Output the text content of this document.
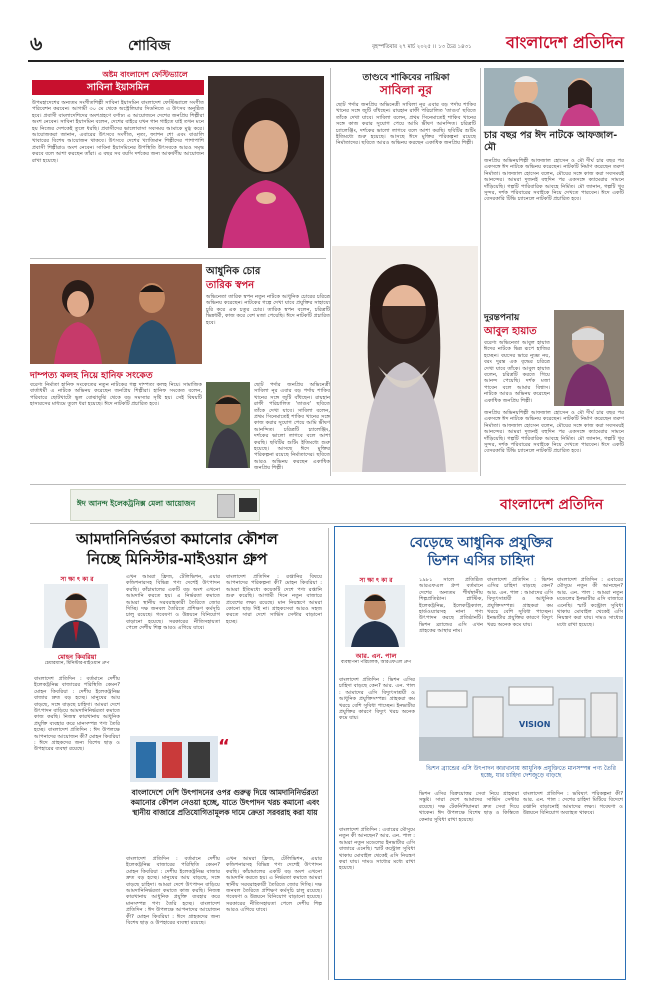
৬	শোবিজ	বৃহস্পতিবার ২৭ মার্চ ২০২৫ ।। ১৩ চৈত্র ১৪৩১ বাংলাদেশ প্রতিদিন
অষ্টম বাংলাদেশ ফেস্টিভ্যালে
সাবিনা ইয়াসমিন
উপমহাদেশের অন্যতম সংগীতশিল্পী সাবিনা ইয়াসমিন বাংলাদেশ ফেস্টিভ্যালে সংগীত পরিবেশন করবেন। আগামী ৩০ মে থেকে অস্ট্রেলিয়ার সিডনিতে এ উৎসব অনুষ্ঠিত হবে। প্রবাসী বাংলাদেশিদের অংশগ্রহণে বর্ণাঢ্য এ আয়োজনে দেশের জনপ্রিয় শিল্পীরা অংশ নেবেন। সাবিনা ইয়াসমিন বলেন, দেশের বাইরে যখন গান গাইতে যাই তখন মনে হয় নিজের দেশকেই তুলে ধরছি। প্রবাসীদের ভালোবাসা সবসময় আমাকে মুগ্ধ করে। আয়োজকরা জানান, এবারের উৎসবে সংগীত, নৃত্য, ফ্যাশন শো এবং বাঙালি খাবারের বিশেষ আয়োজন থাকবে। উৎসবে দেশের খ্যাতিমান শিল্পীদের পাশাপাশি প্রবাসী শিল্পীরাও অংশ নেবেন। সাবিনা ইয়াসমিনের উপস্থিতি উৎসবকে আরও সমৃদ্ধ করবে বলে আশা করছেন তাঁরা। এ বছর সব বয়সি দর্শকের জন্য আকর্ষণীয় আয়োজন রাখা হয়েছে।
তাণ্ডবে শাকিবের নায়িকা
সাবিলা নূর
ছোট পর্দার জনপ্রিয় অভিনেত্রী সাবিলা নূর এবার বড় পর্দায় শাকিব খানের সঙ্গে জুটি বাঁধছেন। রায়হান রাফী পরিচালিত 'তাণ্ডব' ছবিতে তাঁকে দেখা যাবে। সাবিলা বলেন, প্রথম সিনেমাতেই শাকিব খানের সঙ্গে কাজ করার সুযোগ পেয়ে আমি ভীষণ আনন্দিত। চরিত্রটি চ্যালেঞ্জিং, দর্শকের ভালো লাগবে বলে আশা করছি। ছবিটির শুটিং ইতিমধ্যে শুরু হয়েছে। আসছে ঈদে মুক্তির পরিকল্পনা রয়েছে নির্মাতাদের। ছবিতে আরও অভিনয় করছেন একাধিক জনপ্রিয় শিল্পী।
চার বছর পর ঈদ নাটকে আফজাল-মৌ
জনপ্রিয় অভিনয়শিল্পী আফজাল হোসেন ও মৌ দীর্ঘ চার বছর পর একসঙ্গে ঈদ নাটকে অভিনয় করেছেন। নাটকটি নির্মাণ করেছেন তরুণ নির্মাতা। আফজাল হোসেন বলেন, মৌয়ের সঙ্গে কাজ করা সবসময়ই আনন্দের। আমরা দুজনই বহুদিন পর একসঙ্গে ক্যামেরার সামনে দাঁড়িয়েছি। গল্পটি পারিবারিক আবহে নির্মিত। মৌ জানান, গল্পটি খুব সুন্দর, দর্শক পরিবারের সবাইকে নিয়ে দেখতে পারবেন। ঈদে একটি বেসরকারি টিভি চ্যানেলে নাটকটি প্রচারিত হবে।
আধুনিক চোর
তারিক স্বপন
অভিনেতা তারিক স্বপন নতুন নাটকে আধুনিক চোরের চরিত্রে অভিনয় করেছেন। নাটকের গল্পে দেখা যাবে প্রযুক্তির সাহায্যে চুরি করে এক চতুর চোর। তারিক স্বপন বলেন, চরিত্রটি ভিন্নধর্মী, কাজ করে বেশ মজা পেয়েছি। ঈদে নাটকটি প্রচারিত হবে।
ছোট পর্দার জনপ্রিয় অভিনেত্রী সাবিলা নূর এবার বড় পর্দায় শাকিব খানের সঙ্গে জুটি বাঁধছেন। রায়হান রাফী পরিচালিত 'তাণ্ডব' ছবিতে তাঁকে দেখা যাবে। সাবিলা বলেন, প্রথম সিনেমাতেই শাকিব খানের সঙ্গে কাজ করার সুযোগ পেয়ে আমি ভীষণ আনন্দিত। চরিত্রটি চ্যালেঞ্জিং, দর্শকের ভালো লাগবে বলে আশা করছি। ছবিটির শুটিং ইতিমধ্যে শুরু হয়েছে। আসছে ঈদে মুক্তির পরিকল্পনা রয়েছে নির্মাতাদের। ছবিতে আরও অভিনয় করছেন একাধিক জনপ্রিয় শিল্পী।
দাম্পত্য কলহ নিয়ে হানিফ সংকেত
বরেণ্য নির্মাতা হানিফ সংকেতের নতুন নাটকের গল্প দাম্পত্য কলহ নিয়ে। সামাজিক বার্তাধর্মী এ নাটকে অভিনয় করেছেন জনপ্রিয় শিল্পীরা। হানিফ সংকেত বলেন, পরিবারে ছোটখাটো ভুল বোঝাবুঝি থেকে বড় সমস্যার সৃষ্টি হয়। সেই বিষয়টি হাস্যরসের মাধ্যমে তুলে ধরা হয়েছে। ঈদে নাটকটি প্রচারিত হবে।
দুরন্তপনায়
আবুল হায়াত
বরেণ্য অভিনেতা আবুল হায়াত ঈদের নাটকে ভিন্ন রূপে হাজির হচ্ছেন। বয়সের ভারে ন্যুব্জ নয়, বরং দুরন্ত এক বৃদ্ধের চরিত্রে দেখা যাবে তাঁকে। আবুল হায়াত বলেন, চরিত্রটি করতে গিয়ে আনন্দ পেয়েছি। দর্শক মজা পাবেন বলে আমার বিশ্বাস। নাটকে আরও অভিনয় করেছেন একাধিক জনপ্রিয় শিল্পী।
জনপ্রিয় অভিনয়শিল্পী আফজাল হোসেন ও মৌ দীর্ঘ চার বছর পর একসঙ্গে ঈদ নাটকে অভিনয় করেছেন। নাটকটি নির্মাণ করেছেন তরুণ নির্মাতা। আফজাল হোসেন বলেন, মৌয়ের সঙ্গে কাজ করা সবসময়ই আনন্দের। আমরা দুজনই বহুদিন পর একসঙ্গে ক্যামেরার সামনে দাঁড়িয়েছি। গল্পটি পারিবারিক আবহে নির্মিত। মৌ জানান, গল্পটি খুব সুন্দর, দর্শক পরিবারের সবাইকে নিয়ে দেখতে পারবেন। ঈদে একটি বেসরকারি টিভি চ্যানেলে নাটকটি প্রচারিত হবে।
ঈদ আনন্দ ইলেকট্রনিক্স মেলা আয়োজন	বাংলাদেশ প্রতিদিন
আমদানিনির্ভরতা কমানোর কৌশল
নিচ্ছে মিনিস্টার-মাইওয়ান গ্রুপ
সা ক্ষা ৎ কা র
মোহন কিবরিয়া
চেয়ারম্যান, মিনিস্টার-মাইওয়ান গ্রুপ
বাংলাদেশ প্রতিদিন : বর্তমানে দেশীয় ইলেকট্রনিক্স বাজারের পরিস্থিতি কেমন? মোহন কিবরিয়া : দেশীয় ইলেকট্রনিক্স বাজার দ্রুত বড় হচ্ছে। মানুষের আয় বাড়ছে, সঙ্গে বাড়ছে চাহিদা। আমরা দেশে উৎপাদন বাড়িয়ে আমদানিনির্ভরতা কমাতে কাজ করছি। নিজস্ব কারখানায় আধুনিক প্রযুক্তি ব্যবহার করে মানসম্পন্ন পণ্য তৈরি হচ্ছে। বাংলাদেশ প্রতিদিন : ঈদ উপলক্ষে আপনাদের আয়োজন কী? মোহন কিবরিয়া : ঈদে গ্রাহকদের জন্য বিশেষ ছাড় ও উপহারের ব্যবস্থা রয়েছে।
এখন আমরা ফ্রিজ, টেলিভিশন, এয়ার কন্ডিশনারসহ বিভিন্ন পণ্য দেশেই উৎপাদন করছি। কাঁচামালের একটি বড় অংশ এখনো আমদানি করতে হয়। এ নির্ভরতা কমাতে আমরা স্থানীয় সরবরাহকারী তৈরিতে জোর দিচ্ছি। দক্ষ জনবল তৈরিতে প্রশিক্ষণ কর্মসূচি চালু রয়েছে। গবেষণা ও উন্নয়নে বিনিয়োগ বাড়ানো হয়েছে। সরকারের নীতিসহায়তা পেলে দেশীয় শিল্প আরও এগিয়ে যাবে।
বাংলাদেশ প্রতিদিন : রপ্তানির বিষয়ে আপনাদের পরিকল্পনা কী? মোহন কিবরিয়া : আমরা ইতিমধ্যে কয়েকটি দেশে পণ্য রপ্তানি শুরু করেছি। আগামী দিনে নতুন বাজারে প্রবেশের লক্ষ্য রয়েছে। মান নিয়ন্ত্রণে আমরা কোনো ছাড় দিই না। গ্রাহকসেবা আরও সহজ করতে সারা দেশে সার্ভিস সেন্টার বাড়ানো হচ্ছে।
“
বাংলাদেশে দেশি উৎপাদনের ওপর গুরুত্ব দিয়ে আমদানিনির্ভরতা কমানোর কৌশল নেওয়া হচ্ছে, যাতে উৎপাদন খরচ কমানো এবং স্থানীয় বাজারে প্রতিযোগিতামূলক দামে ক্রেতা সরবরাহ করা যায়
বাংলাদেশ প্রতিদিন : বর্তমানে দেশীয় ইলেকট্রনিক্স বাজারের পরিস্থিতি কেমন? মোহন কিবরিয়া : দেশীয় ইলেকট্রনিক্স বাজার দ্রুত বড় হচ্ছে। মানুষের আয় বাড়ছে, সঙ্গে বাড়ছে চাহিদা। আমরা দেশে উৎপাদন বাড়িয়ে আমদানিনির্ভরতা কমাতে কাজ করছি। নিজস্ব কারখানায় আধুনিক প্রযুক্তি ব্যবহার করে মানসম্পন্ন পণ্য তৈরি হচ্ছে। বাংলাদেশ প্রতিদিন : ঈদ উপলক্ষে আপনাদের আয়োজন কী? মোহন কিবরিয়া : ঈদে গ্রাহকদের জন্য বিশেষ ছাড় ও উপহারের ব্যবস্থা রয়েছে।
এখন আমরা ফ্রিজ, টেলিভিশন, এয়ার কন্ডিশনারসহ বিভিন্ন পণ্য দেশেই উৎপাদন করছি। কাঁচামালের একটি বড় অংশ এখনো আমদানি করতে হয়। এ নির্ভরতা কমাতে আমরা স্থানীয় সরবরাহকারী তৈরিতে জোর দিচ্ছি। দক্ষ জনবল তৈরিতে প্রশিক্ষণ কর্মসূচি চালু রয়েছে। গবেষণা ও উন্নয়নে বিনিয়োগ বাড়ানো হয়েছে। সরকারের নীতিসহায়তা পেলে দেশীয় শিল্প আরও এগিয়ে যাবে।
বেড়েছে আধুনিক প্রযুক্তির
ভিশন এসির চাহিদা
সা ক্ষা ৎ কা র
আর. এন. পাল
ব্যবস্থাপনা পরিচালক, আরএফএল গ্রুপ
১৯৮১ সালে প্রতিষ্ঠিত আরএফএল গ্রুপ বর্তমানে দেশের অন্যতম শীর্ষস্থানীয় শিল্পপ্রতিষ্ঠান। প্লাস্টিক, ইলেকট্রনিক্স, ইলেকট্রিক্যাল, হার্ডওয়্যারসহ নানা পণ্য উৎপাদন করছে প্রতিষ্ঠানটি। ভিশন ব্র্যান্ডের এসি এখন গ্রাহকের আস্থার নাম।
বাংলাদেশ প্রতিদিন : ভিশন এসির চাহিদা বাড়ছে কেন? আর. এন. পাল : আমাদের এসি বিদ্যুৎসাশ্রয়ী ও আধুনিক প্রযুক্তিসম্পন্ন। গ্রাহকরা কম খরচে বেশি সুবিধা পাচ্ছেন। ইনভার্টার প্রযুক্তির কারণে বিদ্যুৎ খরচ অনেক কমে যায়।
বাংলাদেশ প্রতিদিন : এবারের মৌসুমে নতুন কী আনছেন? আর. এন. পাল : আমরা নতুন মডেলের ইনভার্টার এসি বাজারে এনেছি। স্মার্ট কন্ট্রোল সুবিধা থাকায় মোবাইল থেকেই এসি নিয়ন্ত্রণ করা যায়। দামও সাধ্যের মধ্যে রাখা হয়েছে।
VISION
বাংলাদেশ প্রতিদিন : ভিশন এসির চাহিদা বাড়ছে কেন? আর. এন. পাল : আমাদের এসি বিদ্যুৎসাশ্রয়ী ও আধুনিক প্রযুক্তিসম্পন্ন। গ্রাহকরা কম খরচে বেশি সুবিধা পাচ্ছেন। ইনভার্টার প্রযুক্তির কারণে বিদ্যুৎ খরচ অনেক কমে যায়।
ভিশন ব্র্যান্ডের এসি উৎপাদন কারখানায় আধুনিক প্রযুক্তিতে মানসম্পন্ন পণ্য তৈরি হচ্ছে, যার চাহিদা দেশজুড়ে বাড়ছে
ভিশন এসির বিক্রয়োত্তর সেবা নিয়ে গ্রাহকরা সন্তুষ্ট। সারা দেশে আমাদের সার্ভিস সেন্টার রয়েছে। দক্ষ টেকনিশিয়ানরা দ্রুত সেবা দিয়ে থাকেন। ঈদ উপলক্ষে বিশেষ ছাড় ও কিস্তিতে কেনার সুবিধা রাখা হয়েছে।
বাংলাদেশ প্রতিদিন : ভবিষ্যৎ পরিকল্পনা কী? আর. এন. পাল : দেশের চাহিদা মিটিয়ে বিদেশে রপ্তানি বাড়ানোই আমাদের লক্ষ্য। গবেষণা ও উন্নয়নে বিনিয়োগ অব্যাহত থাকবে।
বাংলাদেশ প্রতিদিন : এবারের মৌসুমে নতুন কী আনছেন? আর. এন. পাল : আমরা নতুন মডেলের ইনভার্টার এসি বাজারে এনেছি। স্মার্ট কন্ট্রোল সুবিধা থাকায় মোবাইল থেকেই এসি নিয়ন্ত্রণ করা যায়। দামও সাধ্যের মধ্যে রাখা হয়েছে।
